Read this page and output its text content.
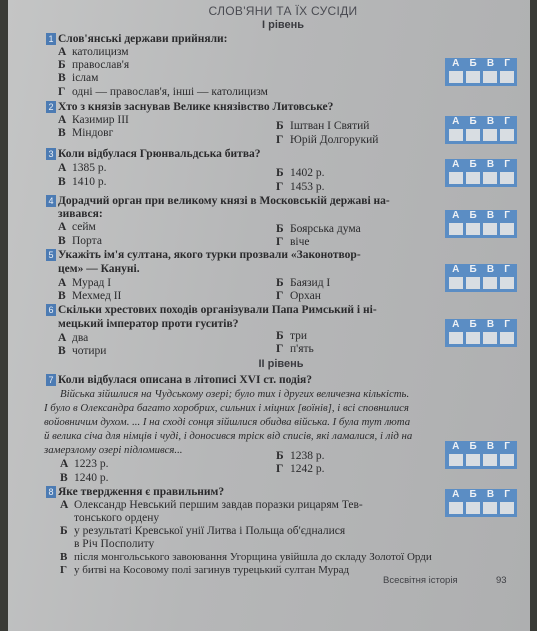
СЛОВ'ЯНИ ТА ЇХ СУСІДИ
І рівень
1 Слов'янські держави прийняли:
А католицизм
Б православ'я
В іслам
Г одні — православ'я, інші — католицизм
2 Хто з князів заснував Велике князівство Литовське?
А Казимир III	Б Іштван I Святий
В Міндовг
Г Юрій Долгорукий
3 Коли відбулася Грюнвальдська битва?
А 1385 р.	Б 1402 р.
В 1410 р.	Г 1453 р.
4 Дорадчий орган при великому князі в Московській державі на-
зивався:
А сейм	Б Боярська дума
В Порта	Г віче
5 Укажіть ім'я султана, якого турки прозвали «Законотвор-
цем» — Кануні.
А Мурад I	Б Баязид I
В Мехмед II	Г Орхан
6 Скільки хрестових походів організували Папа Римський і ні-
мецький імператор проти гуситів?
А два	Б три
В чотири	Г п'ять
ІІ рівень
7 Коли відбулася описана в літописі XVI ст. подія?
Війська зійшлися на Чудському озері; було тих і других величезна кількість.
І було в Олександра багато хоробрих, сильних і міцних [воїнів], і всі сповнилися
войовничим духом. ... І на сході сонця зійшлися обидва війська. І була тут люта
й велика січа для німців і чуді, і доносився тріск від списів, які ламалися, і лід на
замерзлому озері підломився...
А 1223 р.
Б 1238 р.
В 1240 р.
Г 1242 р.
8 Яке твердження є правильним?
А Олександр Невський першим завдав поразки рицарям Тев-
тонського ордену
Б у результаті Кревської унії Литва і Польща об'єдналися
в Річ Посполиту
В після монгольського завоювання Угорщина увійшла до складу Золотої Орди
Г у битві на Косовому полі загинув турецький султан Мурад
А Б В Г
А Б В Г
А Б В Г
А Б В Г
А Б В Г
А Б В Г
А Б В Г
А Б В Г
Всесвітня історія	93
